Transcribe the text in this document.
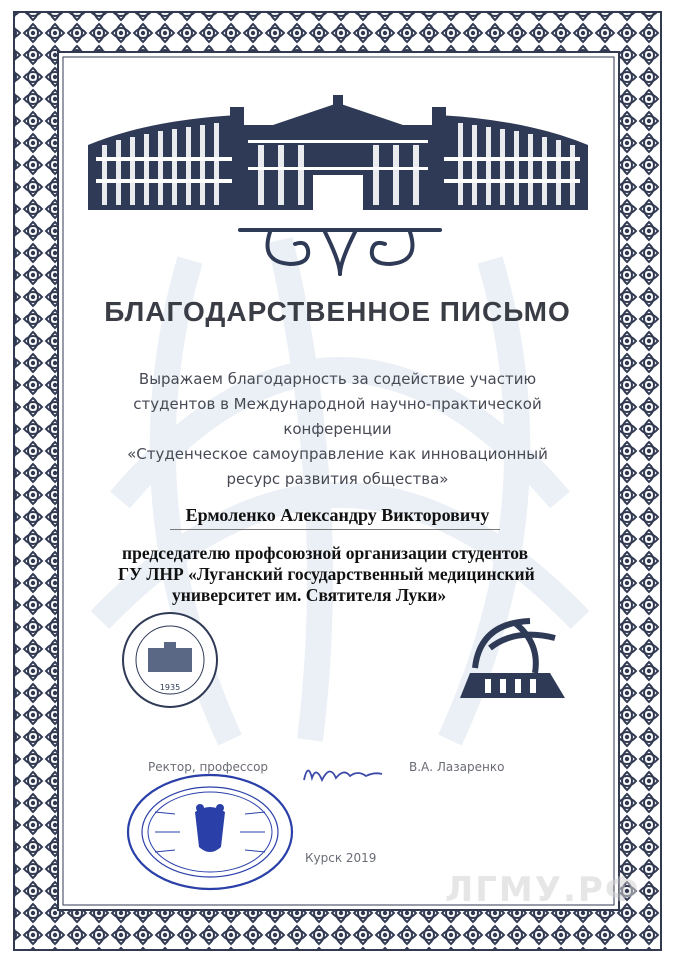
БЛАГОДАРСТВЕННОЕ ПИСЬМО
Выражаем благодарность за содействие участию
студентов в Международной научно-практической
конференции
«Студенческое самоуправление как инновационный
ресурс развития общества»
Ермоленко Александру Викторовичу
председателю профсоюзной организации студентов
ГУ ЛНР «Луганский государственный медицинский
университет им. Святителя Луки»
1935
Ректор, профессор	В.А. Лазаренко
Курск 2019
ЛГМУ.РФ
